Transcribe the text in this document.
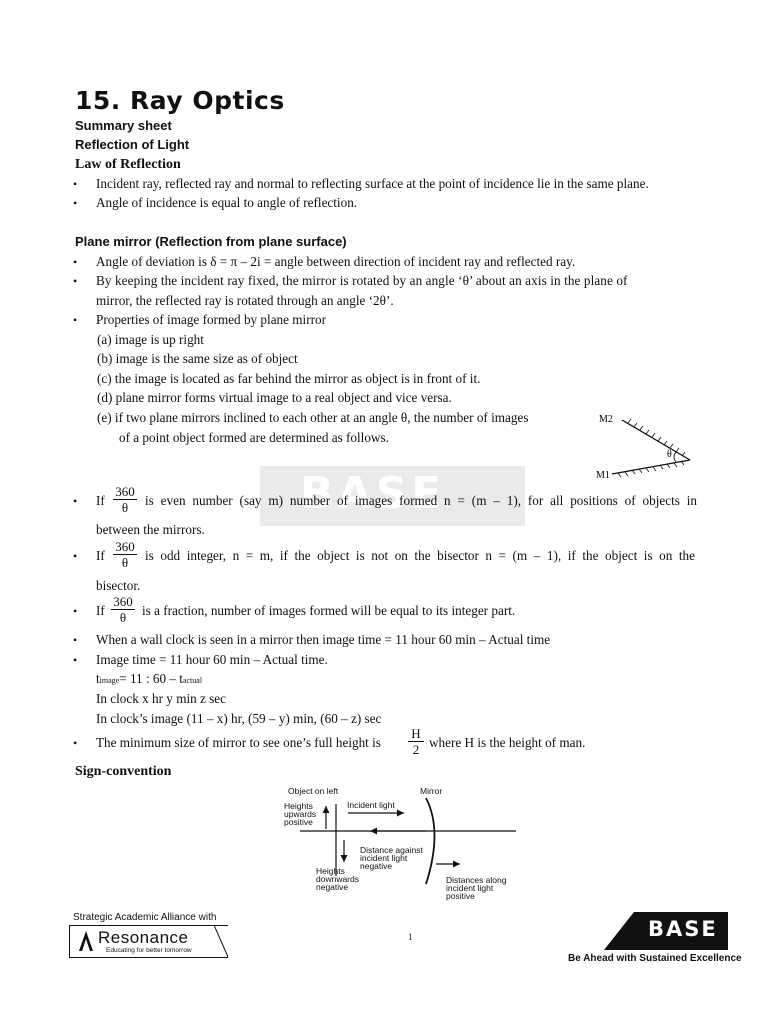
15. Ray Optics
Summary sheet
Reflection of Light
Law of Reflection
• Incident ray, reflected ray and normal to reflecting surface at the point of incidence lie in the same plane.
• Angle of incidence is equal to angle of reflection.
Plane mirror (Reflection from plane surface)
• Angle of deviation is δ = π – 2i = angle between direction of incident ray and reflected ray.
• By keeping the incident ray fixed, the mirror is rotated by an angle ‘θ’ about an axis in the plane of
mirror, the reflected ray is rotated through an angle ‘2θ’.
• Properties of image formed by plane mirror
(a) image is up right
(b) image is the same size as of object
(c) the image is located as far behind the mirror as object is in front of it.
(d) plane mirror forms virtual image to a real object and vice versa.
(e) if two plane mirrors inclined to each other at an angle θ, the number of images
of a point object formed are determined as follows.
M2
θ
M1
BASE
• If	is even number (say m) number of images formed n = (m – 1), for all positions of objects in
$\frac{360}{\theta}$
between the mirrors.
• If	is odd integer, n = m, if the object is not on the bisector n = (m – 1), if the object is on the
$\frac{360}{\theta}$
bisector.
• If	is a fraction, number of images formed will be equal to its integer part.
$\frac{360}{\theta}$
• When a wall clock is seen in a mirror then image time = 11 hour 60 min – Actual time
• Image time = 11 hour 60 min – Actual time.
timage= 11 : 60 – tactual
In clock x hr y min z sec
In clock’s image (11 – x) hr, (59 – y) min, (60 – z) sec
• The minimum size of mirror to see one’s full height is	where H is the height of man.
$\frac{H}{2}$
Sign-convention
Object on left	Mirror
Heights
upwards
positive
Incident light
Distance against
incident light
negative
Heights
downwards
negative
Distances along
incident light
positive
Strategic Academic Alliance with
Resonance
Educating for better tomorrow
1	BASE
Be Ahead with Sustained Excellence
